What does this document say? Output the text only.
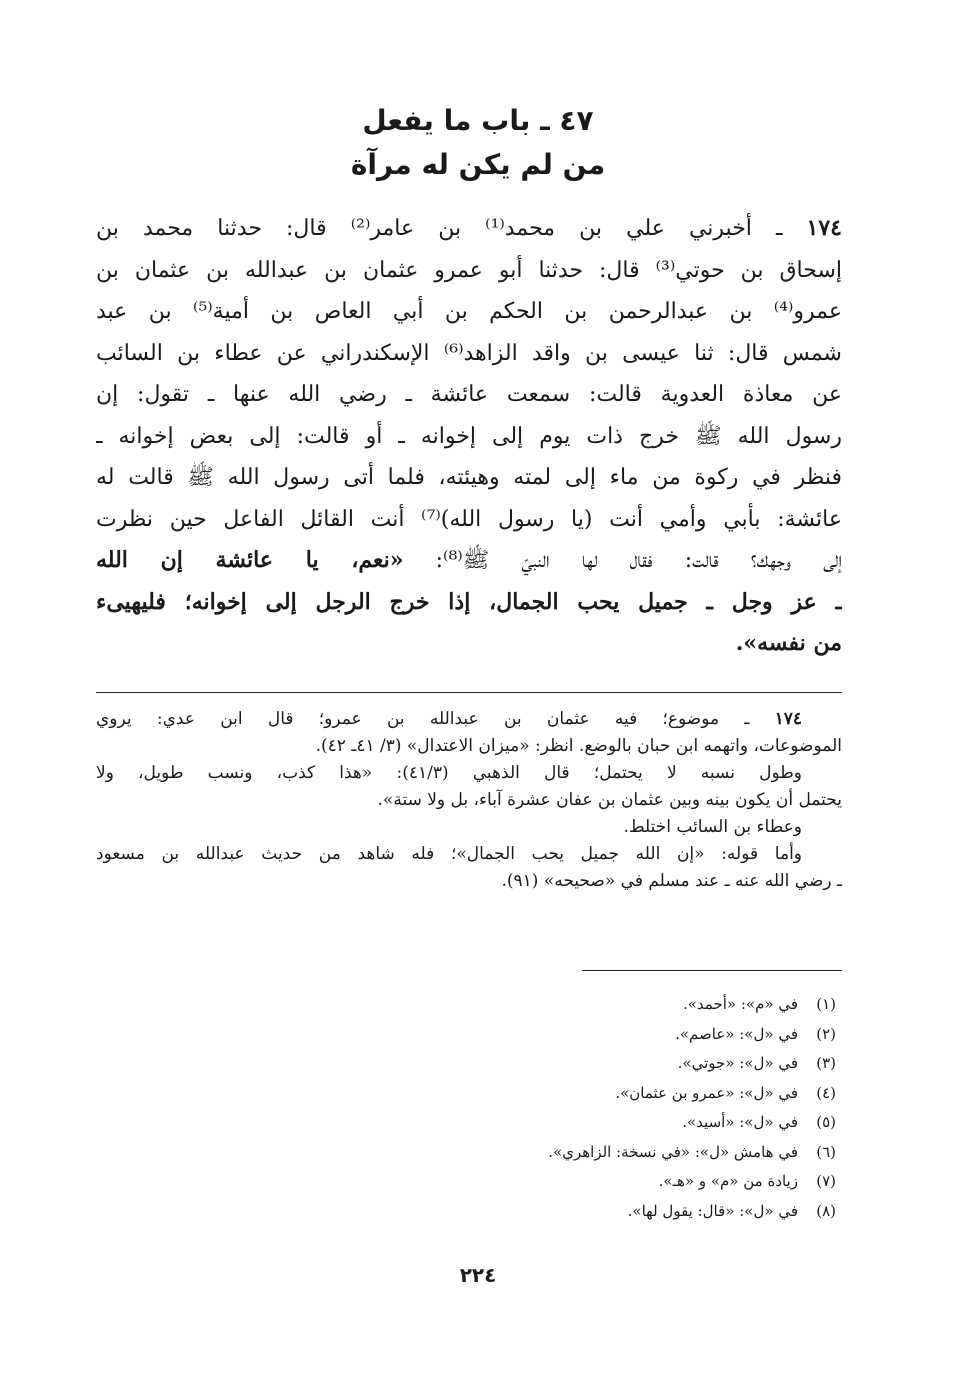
٤٧ ـ باب ما يفعل
من لم يكن له مرآة
١٧٤ ـ أخبرني علي بن محمد⁽¹⁾ بن عامر⁽²⁾ قال: حدثنا محمد بن
إسحاق بن حوتي⁽³⁾ قال: حدثنا أبو عمرو عثمان بن عبدالله بن عثمان بن
عمرو⁽⁴⁾ بن عبدالرحمن بن الحكم بن أبي العاص بن أمية⁽⁵⁾ بن عبد
شمس قال: ثنا عيسى بن واقد الزاهد⁽⁶⁾ الإسكندراني عن عطاء بن السائب
عن معاذة العدوية قالت: سمعت عائشة ـ رضي الله عنها ـ تقول: إن
رسول الله ﷺ خرج ذات يوم إلى إخوانه ـ أو قالت: إلى بعض إخوانه ـ
فنظر في ركوة من ماء إلى لمته وهيئته، فلما أتى رسول الله ﷺ قالت له
عائشة: بأبي وأمي أنت (يا رسول الله)⁽⁷⁾ أنت القائل الفاعل حين نظرت
إلى وجهك؟ قالت: فقال لها النبيّ ﷺ⁽⁸⁾: «نعم، يا عائشة إن الله
ـ عز وجل ـ جميل يحب الجمال، إذا خرج الرجل إلى إخوانه؛ فليهيىء
من نفسه».
١٧٤ ـ موضوع؛ فيه عثمان بن عبدالله بن عمرو؛ قال ابن عدي: يروي
الموضوعات، واتهمه ابن حبان بالوضع. انظر: «ميزان الاعتدال» (٣/ ٤١ـ ٤٢).
وطول نسبه لا يحتمل؛ قال الذهبي (٤١/٣): «هذا كذب، ونسب طويل، ولا
يحتمل أن يكون بينه وبين عثمان بن عفان عشرة آباء، بل ولا ستة».
وعطاء بن السائب اختلط.
وأما قوله: «إن الله جميل يحب الجمال»؛ فله شاهد من حديث عبدالله بن مسعود
ـ رضي الله عنه ـ عند مسلم في «صحيحه» (٩١).
(١)في «م»: «أحمد».
(٢)في «ل»: «عاصم».
(٣)في «ل»: «جوتي».
(٤)في «ل»: «عمرو بن عثمان».
(٥)في «ل»: «أسيد».
(٦)في هامش «ل»: «في نسخة: الزاهري».
(٧)زيادة من «م» و «هـ».
(٨)في «ل»: «قال: يقول لها».
٢٢٤
